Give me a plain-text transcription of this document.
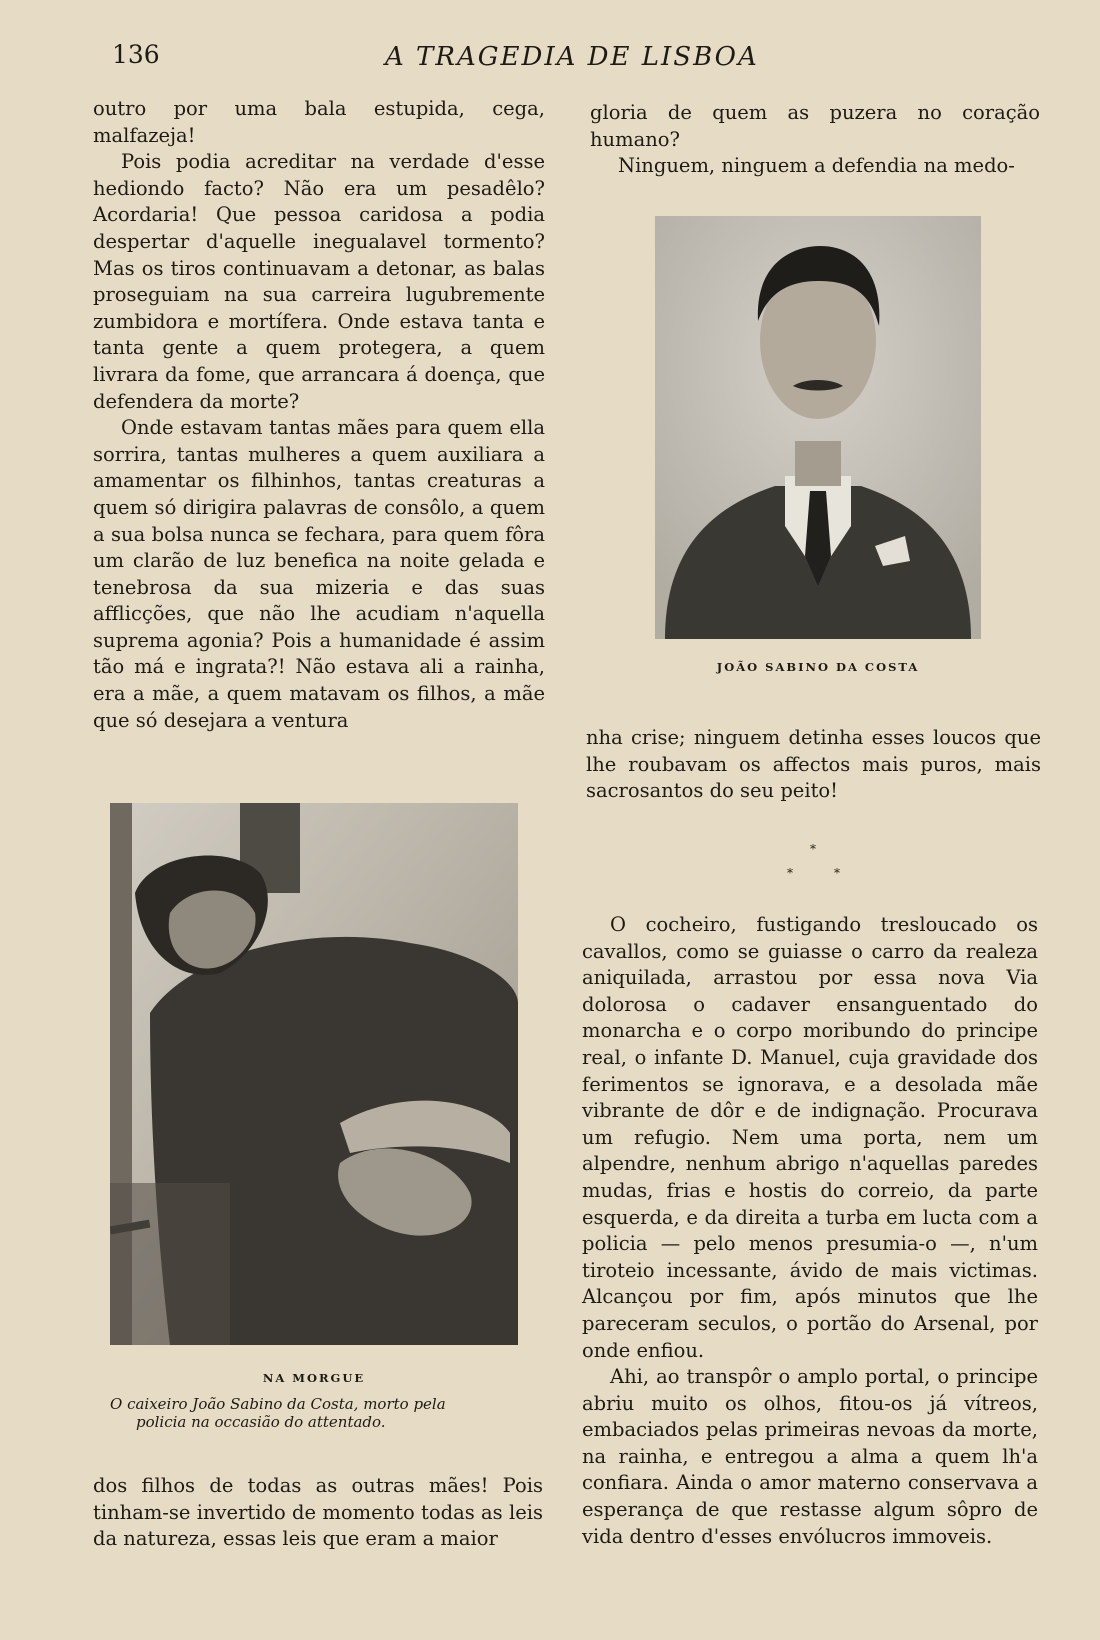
136	A TRAGEDIA DE LISBOA

outro por uma bala estupida, cega, malfazeja!

Pois podia acreditar na verdade d'esse hediondo facto? Não era um pesadêlo? Acordaria! Que pessoa caridosa a podia despertar d'aquelle inegualavel tormento? Mas os tiros continuavam a detonar, as balas proseguiam na sua carreira lugubremente zumbidora e mortífera. Onde estava tanta e tanta gente a quem protegera, a quem livrara da fome, que arrancara á doença, que defendera da morte?

Onde estavam tantas mães para quem ella sorrira, tantas mulheres a quem auxiliara a amamentar os filhinhos, tantas creaturas a quem só dirigira palavras de consôlo, a quem a sua bolsa nunca se fechara, para quem fôra um clarão de luz benefica na noite gelada e tenebrosa da sua mizeria e das suas afflicções, que não lhe acudiam n'aquella suprema agonia? Pois a humanidade é assim tão má e ingrata?! Não estava ali a rainha, era a mãe, a quem matavam os filhos, a mãe que só desejara a ventura

NA MORGUE
O caixeiro João Sabino da Costa, morto pela
policia na occasião do attentado.

dos filhos de todas as outras mães! Pois tinham-se invertido de momento todas as leis da natureza, essas leis que eram a maior

gloria de quem as puzera no coração humano?

Ninguem, ninguem a defendia na medo-

JOÃO SABINO DA COSTA

nha crise; ninguem detinha esses loucos que lhe roubavam os affectos mais puros, mais sacrosantos do seu peito!

*
*	*

O cocheiro, fustigando tresloucado os cavallos, como se guiasse o carro da realeza aniquilada, arrastou por essa nova Via dolorosa o cadaver ensanguentado do monarcha e o corpo moribundo do principe real, o infante D. Manuel, cuja gravidade dos ferimentos se ignorava, e a desolada mãe vibrante de dôr e de indignação. Procurava um refugio. Nem uma porta, nem um alpendre, nenhum abrigo n'aquellas paredes mudas, frias e hostis do correio, da parte esquerda, e da direita a turba em lucta com a policia — pelo menos presumia-o —, n'um tiroteio incessante, ávido de mais victimas. Alcançou por fim, após minutos que lhe pareceram seculos, o portão do Arsenal, por onde enfiou.

Ahi, ao transpôr o amplo portal, o principe abriu muito os olhos, fitou-os já vítreos, embaciados pelas primeiras nevoas da morte, na rainha, e entregou a alma a quem lh'a confiara. Ainda o amor materno conservava a esperança de que restasse algum sôpro de vida dentro d'esses envólucros immoveis.
